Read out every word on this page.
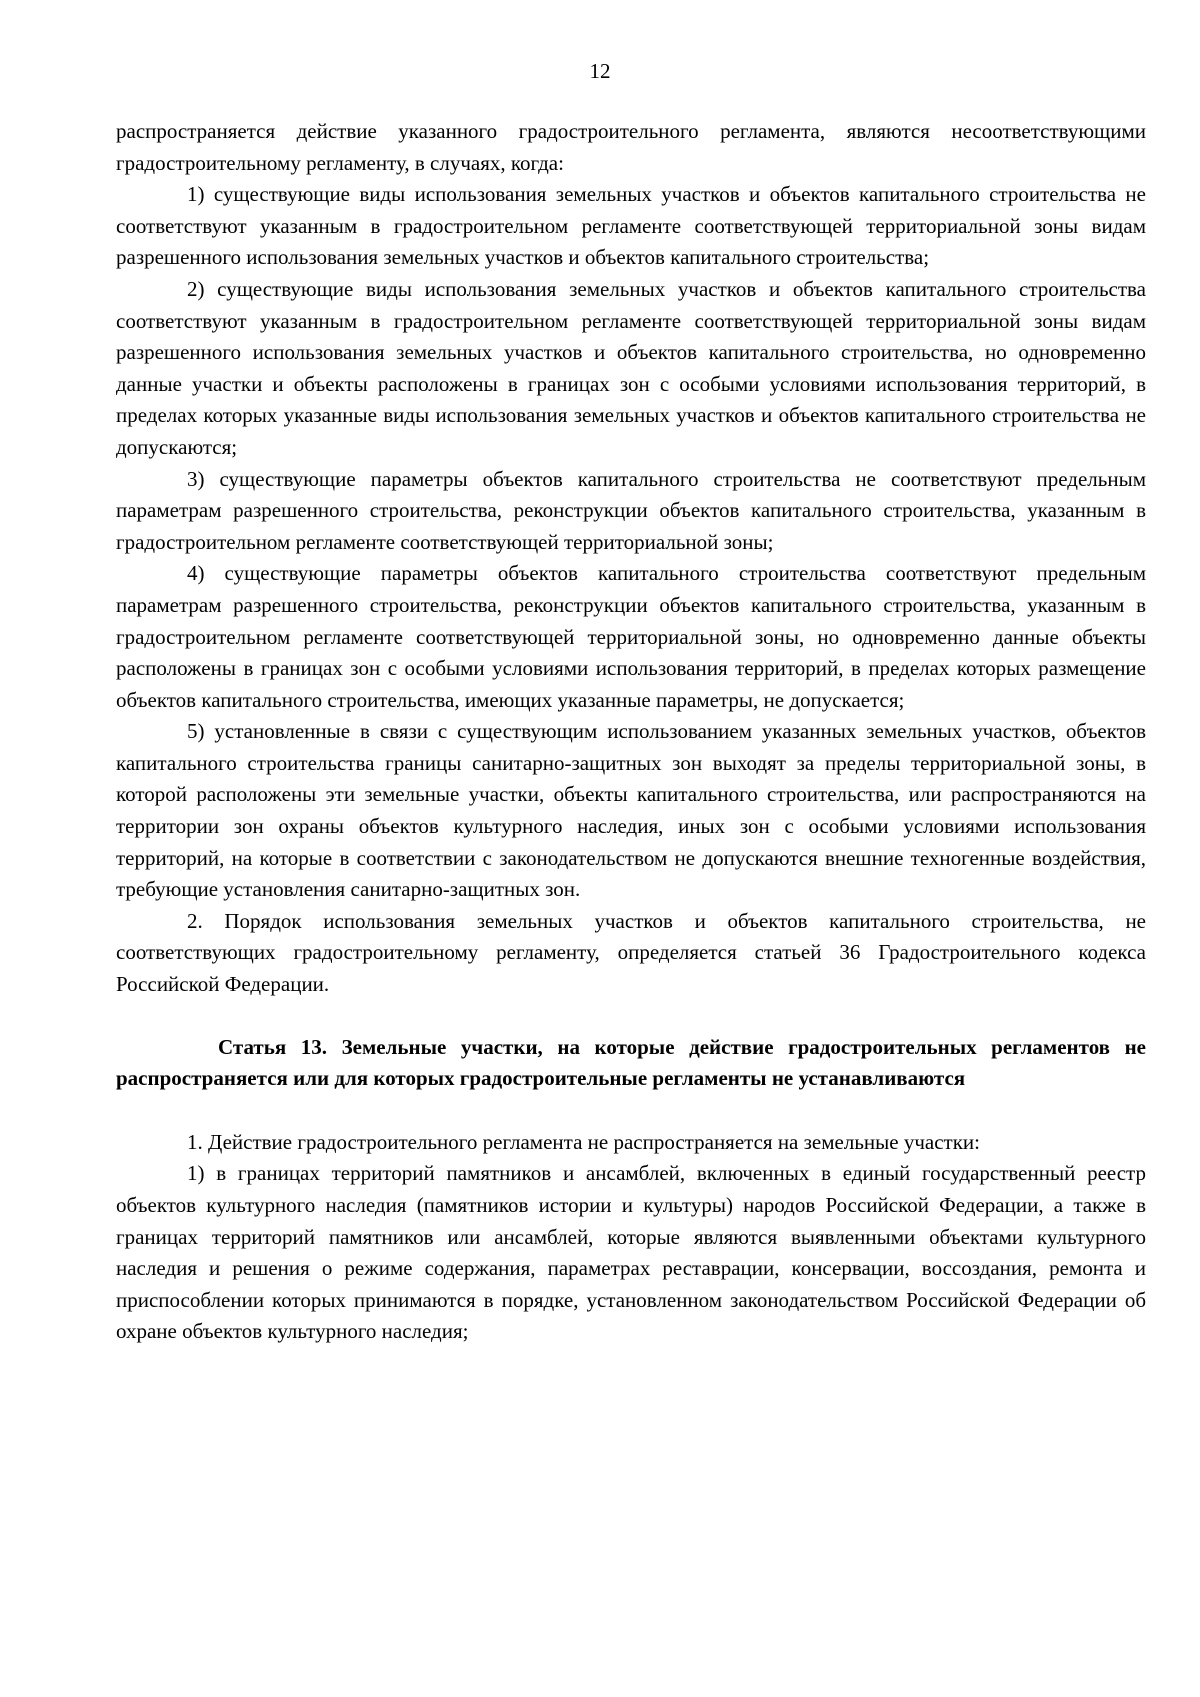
12

распространяется действие указанного градостроительного регламента, являются несоответствующими градостроительному регламенту, в случаях, когда:

1) существующие виды использования земельных участков и объектов капитального строительства не соответствуют указанным в градостроительном регламенте соответствующей территориальной зоны видам разрешенного использования земельных участков и объектов капитального строительства;

2) существующие виды использования земельных участков и объектов капитального строительства соответствуют указанным в градостроительном регламенте соответствующей территориальной зоны видам разрешенного использования земельных участков и объектов капитального строительства, но одновременно данные участки и объекты расположены в границах зон с особыми условиями использования территорий, в пределах которых указанные виды использования земельных участков и объектов капитального строительства не допускаются;

3) существующие параметры объектов капитального строительства не соответствуют предельным параметрам разрешенного строительства, реконструкции объектов капитального строительства, указанным в градостроительном регламенте соответствующей территориальной зоны;

4) существующие параметры объектов капитального строительства соответствуют предельным параметрам разрешенного строительства, реконструкции объектов капитального строительства, указанным в градостроительном регламенте соответствующей территориальной зоны, но одновременно данные объекты расположены в границах зон с особыми условиями использования территорий, в пределах которых размещение объектов капитального строительства, имеющих указанные параметры, не допускается;

5) установленные в связи с существующим использованием указанных земельных участков, объектов капитального строительства границы санитарно-защитных зон выходят за пределы территориальной зоны, в которой расположены эти земельные участки, объекты капитального строительства, или распространяются на территории зон охраны объектов культурного наследия, иных зон с особыми условиями использования территорий, на которые в соответствии с законодательством не допускаются внешние техногенные воздействия, требующие установления санитарно-защитных зон.

2. Порядок использования земельных участков и объектов капитального строительства, не соответствующих градостроительному регламенту, определяется статьей 36 Градостроительного кодекса Российской Федерации.

Статья 13. Земельные участки, на которые действие градостроительных регламентов не распространяется или для которых градостроительные регламенты не устанавливаются

1. Действие градостроительного регламента не распространяется на земельные участки:

1) в границах территорий памятников и ансамблей, включенных в единый государственный реестр объектов культурного наследия (памятников истории и культуры) народов Российской Федерации, а также в границах территорий памятников или ансамблей, которые являются выявленными объектами культурного наследия и решения о режиме содержания, параметрах реставрации, консервации, воссоздания, ремонта и приспособлении которых принимаются в порядке, установленном законодательством Российской Федерации об охране объектов культурного наследия;
